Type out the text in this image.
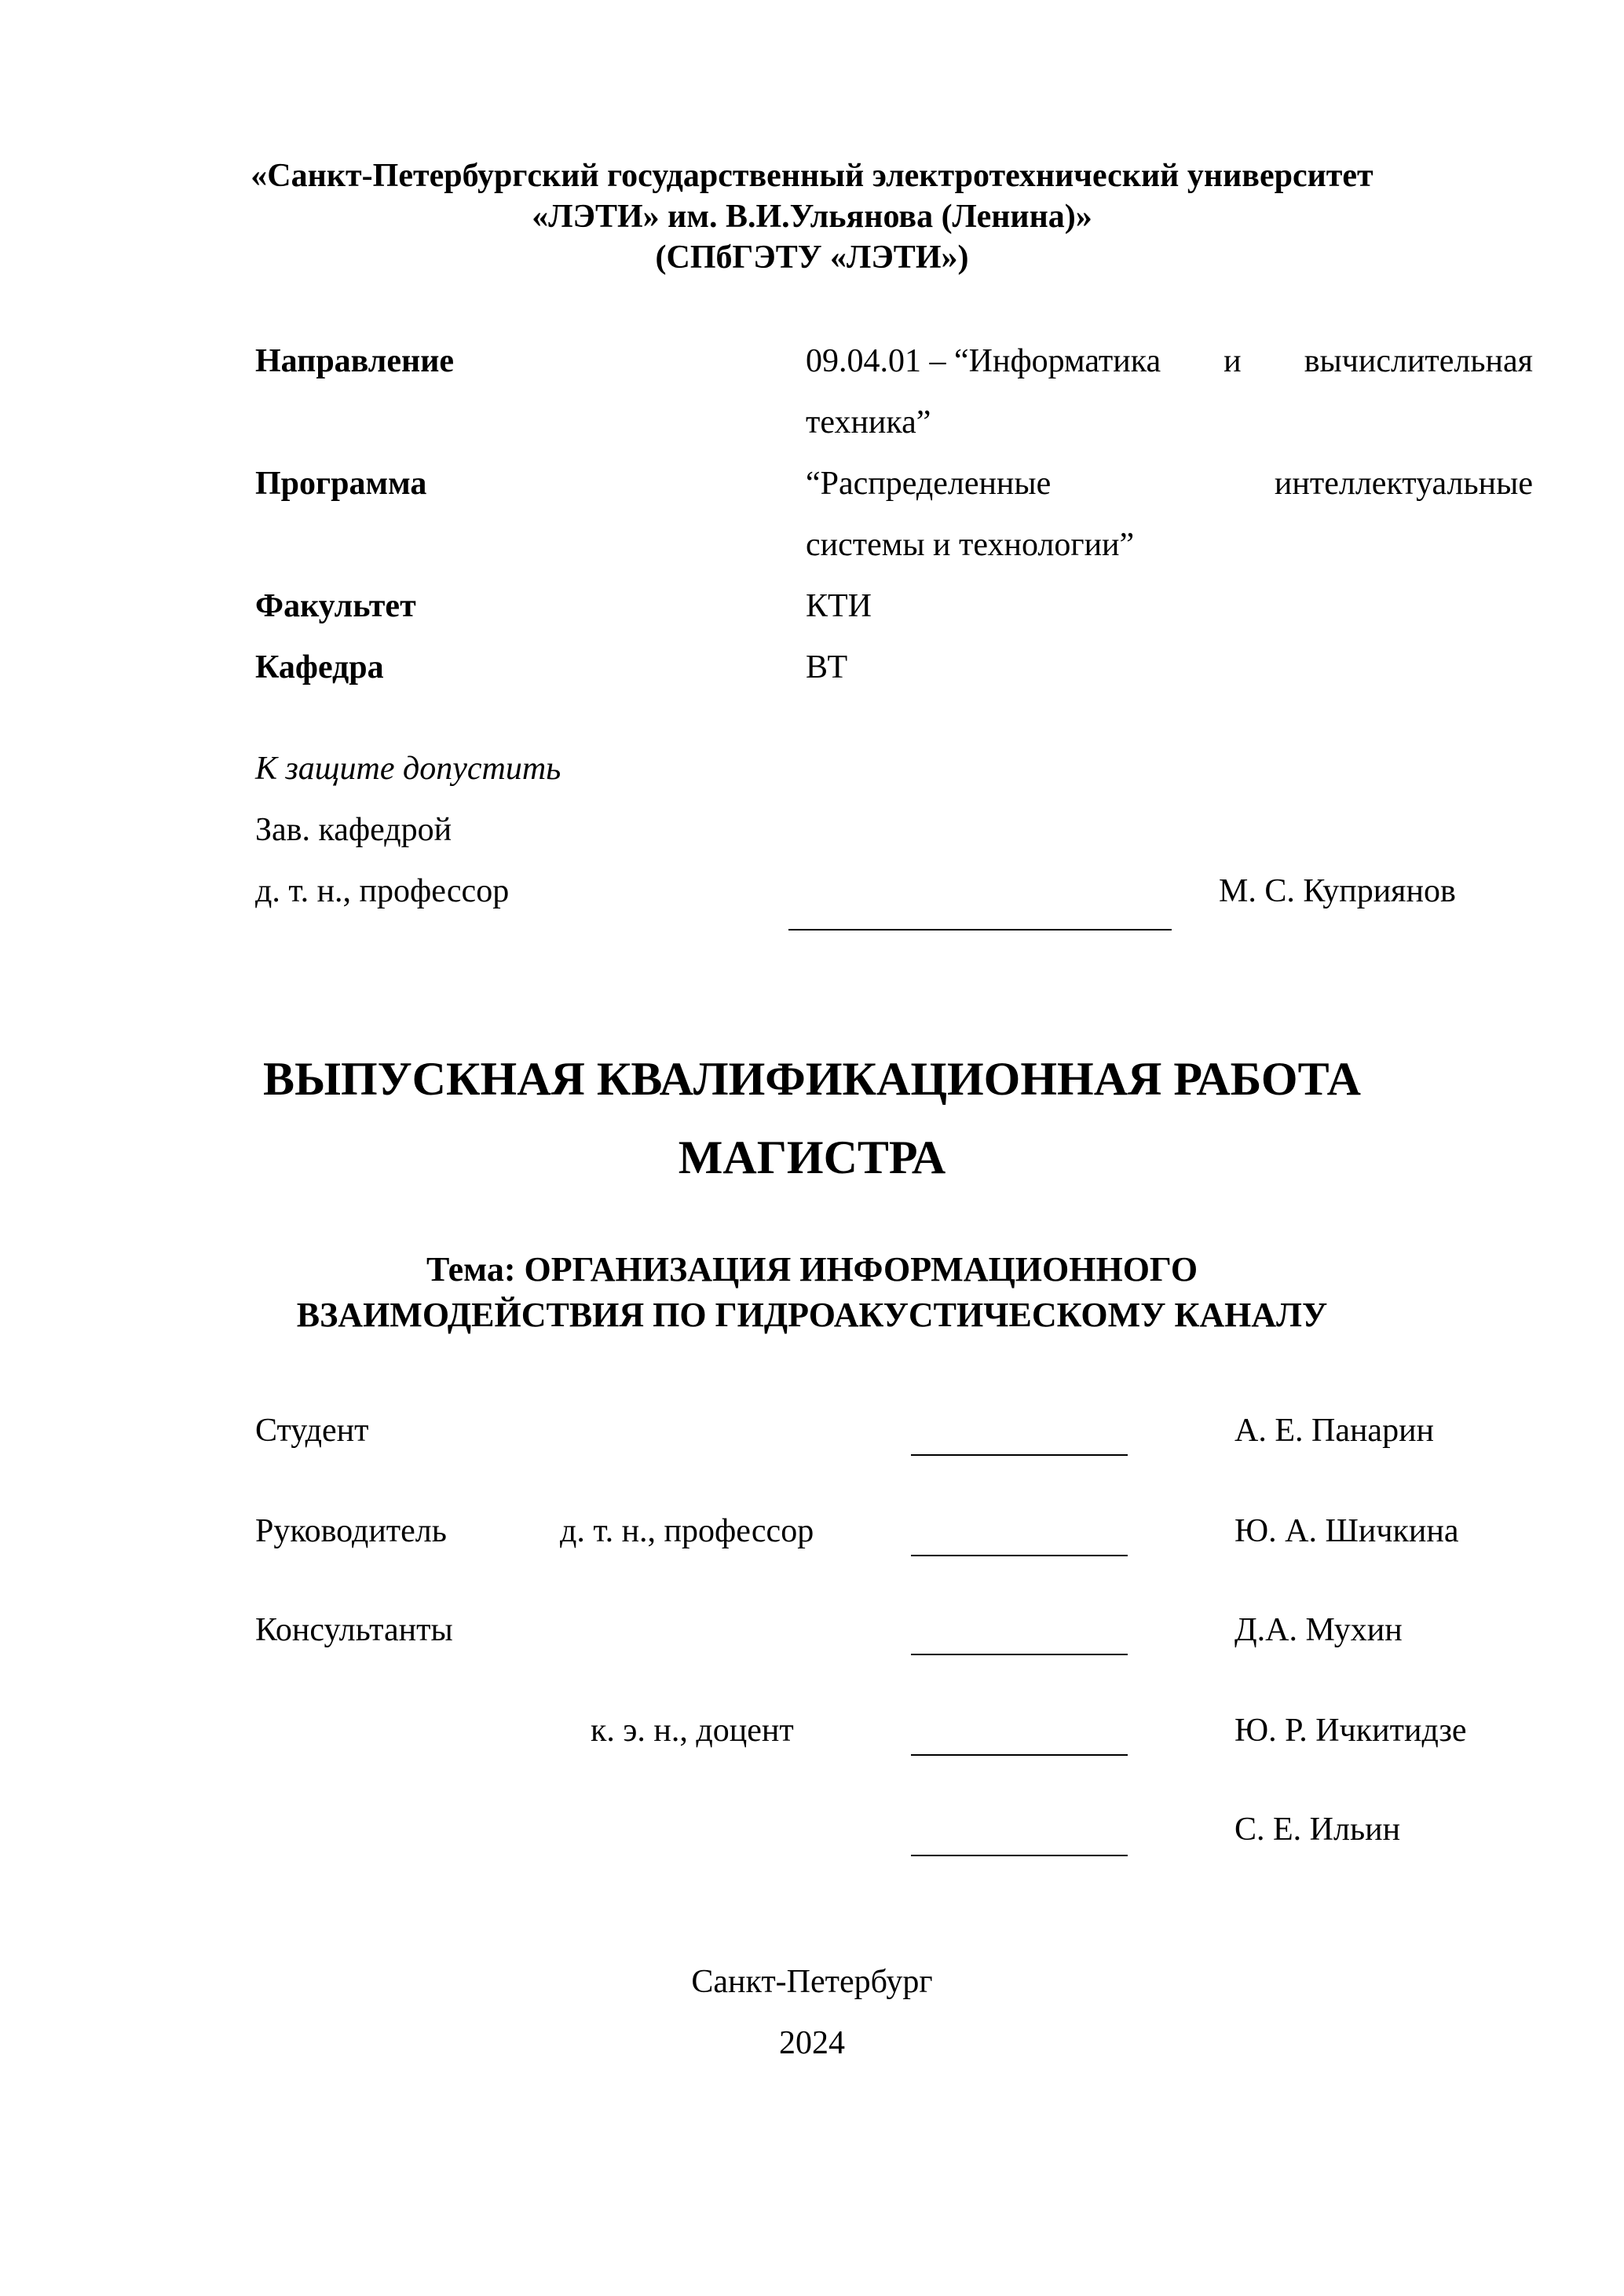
«Санкт-Петербургский государственный электротехнический университет
«ЛЭТИ» им. В.И.Ульянова (Ленина)»
(СПбГЭТУ «ЛЭТИ»)
Направление	09.04.01 – “Информатика и вычислительная
техника”
Программа	“Распределенные	интеллектуальные
системы и технологии”
Факультет	КТИ
Кафедра	ВТ
К защите допустить
Зав. кафедрой
д. т. н., профессор	М. С. Куприянов
ВЫПУСКНАЯ КВАЛИФИКАЦИОННАЯ РАБОТА
МАГИСТРА
Тема: ОРГАНИЗАЦИЯ ИНФОРМАЦИОННОГО
ВЗАИМОДЕЙСТВИЯ ПО ГИДРОАКУСТИЧЕСКОМУ КАНАЛУ
Студент	А. Е. Панарин
Руководитель	д. т. н., профессор	Ю. А. Шичкина
Консультанты	Д.А. Мухин
к. э. н., доцент	Ю. Р. Ичкитидзе
С. Е. Ильин
Санкт-Петербург
2024
